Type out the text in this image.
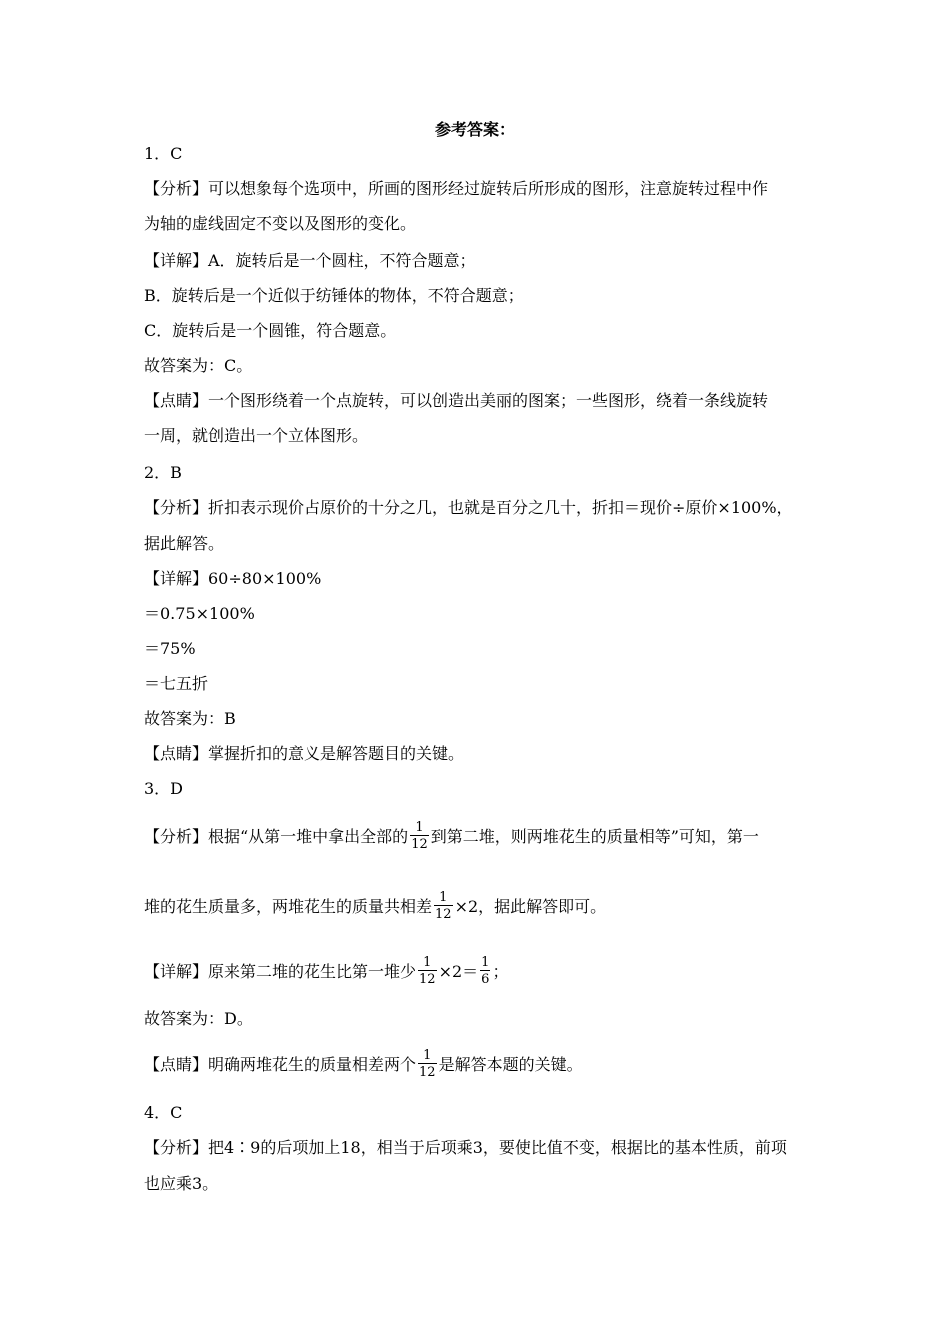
参考答案：
1．C
【分析】可以想象每个选项中，所画的图形经过旋转后所形成的图形，注意旋转过程中作
为轴的虚线固定不变以及图形的变化。
【详解】A．旋转后是一个圆柱，不符合题意；
B．旋转后是一个近似于纺锤体的物体，不符合题意；
C．旋转后是一个圆锥，符合题意。
故答案为：C。
【点睛】一个图形绕着一个点旋转，可以创造出美丽的图案；一些图形，绕着一条线旋转
一周，就创造出一个立体图形。
2．B
【分析】折扣表示现价占原价的十分之几，也就是百分之几十，折扣＝现价÷原价×100%，
据此解答。
【详解】60÷80×100%
＝0.75×100%
＝75%
＝七五折
故答案为：B
【点睛】掌握折扣的意义是解答题目的关键。
3．D
【分析】根据“从第一堆中拿出全部的 $\frac{1}{12}$ 到第二堆，则两堆花生的质量相等”可知，第一
堆的花生质量多，两堆花生的质量共相差 $\frac{1}{12} \times 2$，据此解答即可。
【详解】原来第二堆的花生比第一堆少 $\frac{1}{12} \times 2= \frac{1}{6}$ ；
故答案为：D。
【点睛】明确两堆花生的质量相差两个 $\frac{1}{12}$ 是解答本题的关键。
4．C
【分析】把4∶9的后项加上18，相当于后项乘3，要使比值不变，根据比的基本性质，前项
也应乘3。
